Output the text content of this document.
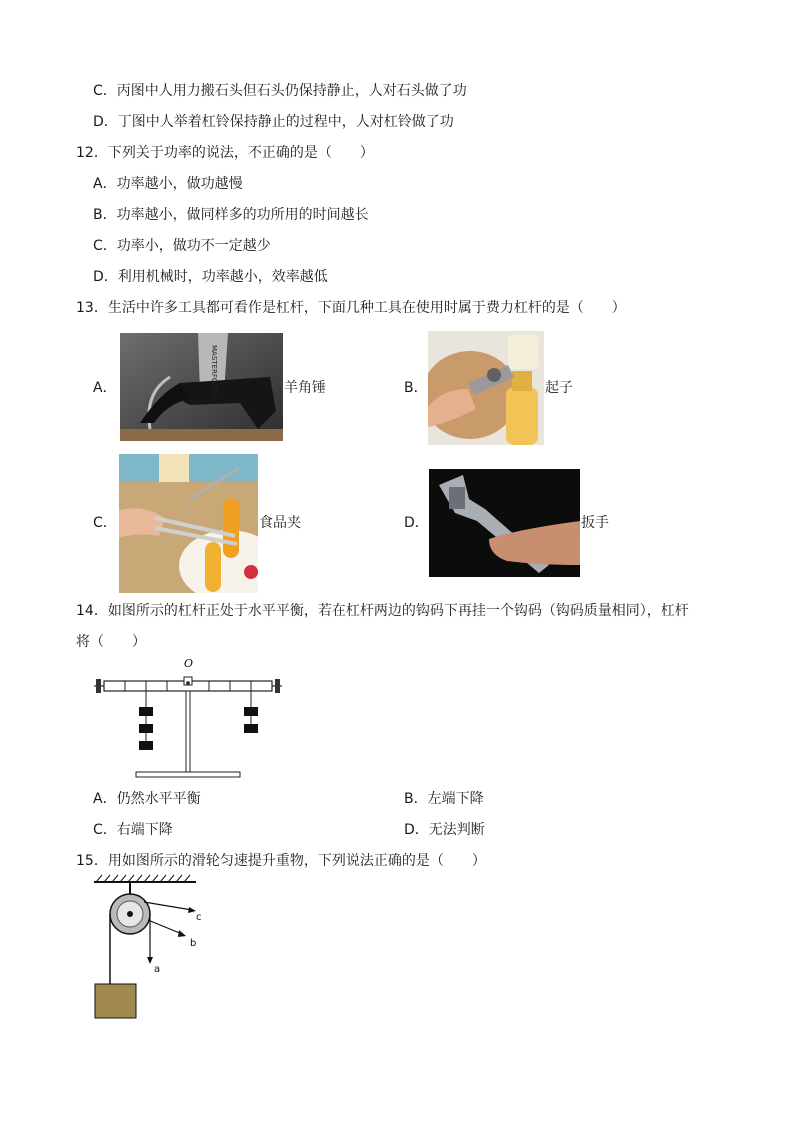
C．丙图中人用力搬石头但石头仍保持静止，人对石头做了功
D．丁图中人举着杠铃保持静止的过程中，人对杠铃做了功
12．下列关于功率的说法，不正确的是（　　）
A．功率越小，做功越慢
B．功率越小，做同样多的功所用的时间越长
C．功率小，做功不一定越少
D．利用机械时，功率越小，效率越低
13．生活中许多工具都可看作是杠杆，下面几种工具在使用时属于费力杠杆的是（　　）
A．	MASTERFORCE	羊角锤	B．	起子
C．	食品夹	D．	扳手
14．如图所示的杠杆正处于水平平衡，若在杠杆两边的钩码下再挂一个钩码（钩码质量相同），杠杆
将（　　）
O
A．仍然水平平衡	B．左端下降
C．右端下降	D．无法判断
15．用如图所示的滑轮匀速提升重物，下列说法正确的是（　　）
a
b
c
